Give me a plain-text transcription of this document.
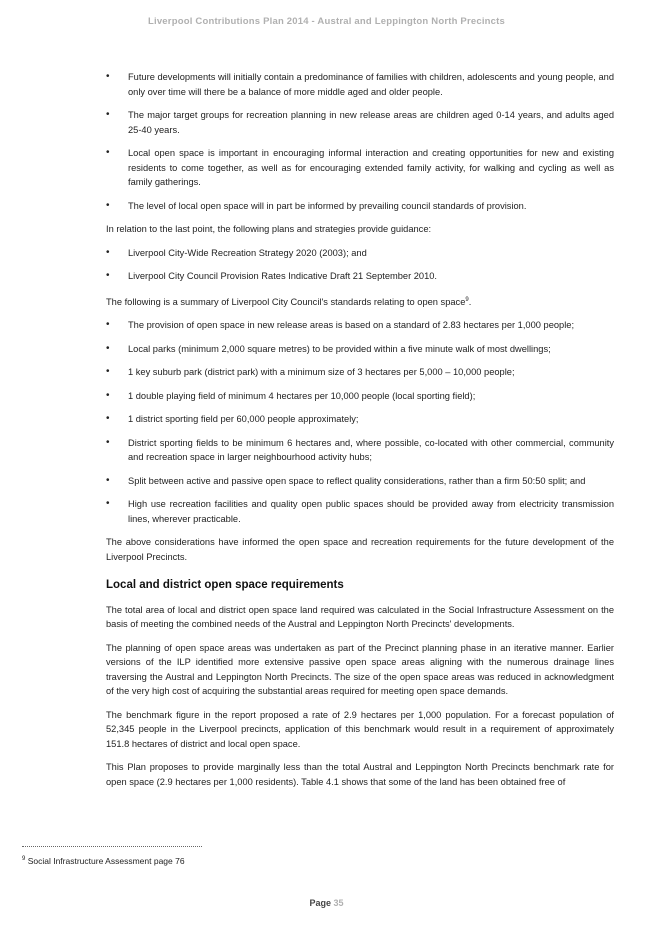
Liverpool Contributions Plan 2014 - Austral and Leppington North Precincts
• Future developments will initially contain a predominance of families with children, adolescents and young people, and only over time will there be a balance of more middle aged and older people.
• The major target groups for recreation planning in new release areas are children aged 0-14 years, and adults aged 25-40 years.
• Local open space is important in encouraging informal interaction and creating opportunities for new and existing residents to come together, as well as for encouraging extended family activity, for walking and cycling as well as family gatherings.
• The level of local open space will in part be informed by prevailing council standards of provision.

In relation to the last point, the following plans and strategies provide guidance:

• Liverpool City-Wide Recreation Strategy 2020 (2003); and
• Liverpool City Council Provision Rates Indicative Draft 21 September 2010.

The following is a summary of Liverpool City Council's standards relating to open space$^9$.

• The provision of open space in new release areas is based on a standard of 2.83 hectares per 1,000 people;
• Local parks (minimum 2,000 square metres) to be provided within a five minute walk of most dwellings;
• 1 key suburb park (district park) with a minimum size of 3 hectares per 5,000 – 10,000 people;
• 1 double playing field of minimum 4 hectares per 10,000 people (local sporting field);
• 1 district sporting field per 60,000 people approximately;
• District sporting fields to be minimum 6 hectares and, where possible, co-located with other commercial, community and recreation space in larger neighbourhood activity hubs;
• Split between active and passive open space to reflect quality considerations, rather than a firm 50:50 split; and
• High use recreation facilities and quality open public spaces should be provided away from electricity transmission lines, wherever practicable.

The above considerations have informed the open space and recreation requirements for the future development of the Liverpool Precincts.

Local and district open space requirements

The total area of local and district open space land required was calculated in the Social Infrastructure Assessment on the basis of meeting the combined needs of the Austral and Leppington North Precincts' developments.

The planning of open space areas was undertaken as part of the Precinct planning phase in an iterative manner. Earlier versions of the ILP identified more extensive passive open space areas aligning with the numerous drainage lines traversing the Austral and Leppington North Precincts. The size of the open space areas was reduced in acknowledgment of the very high cost of acquiring the substantial areas required for meeting open space demands.

The benchmark figure in the report proposed a rate of 2.9 hectares per 1,000 population. For a forecast population of 52,345 people in the Liverpool precincts, application of this benchmark would result in a requirement of approximately 151.8 hectares of district and local open space.

This Plan proposes to provide marginally less than the total Austral and Leppington North Precincts benchmark rate for open space (2.9 hectares per 1,000 residents). Table 4.1 shows that some of the land has been obtained free of

$^9$ Social Infrastructure Assessment page 76
Page 35
